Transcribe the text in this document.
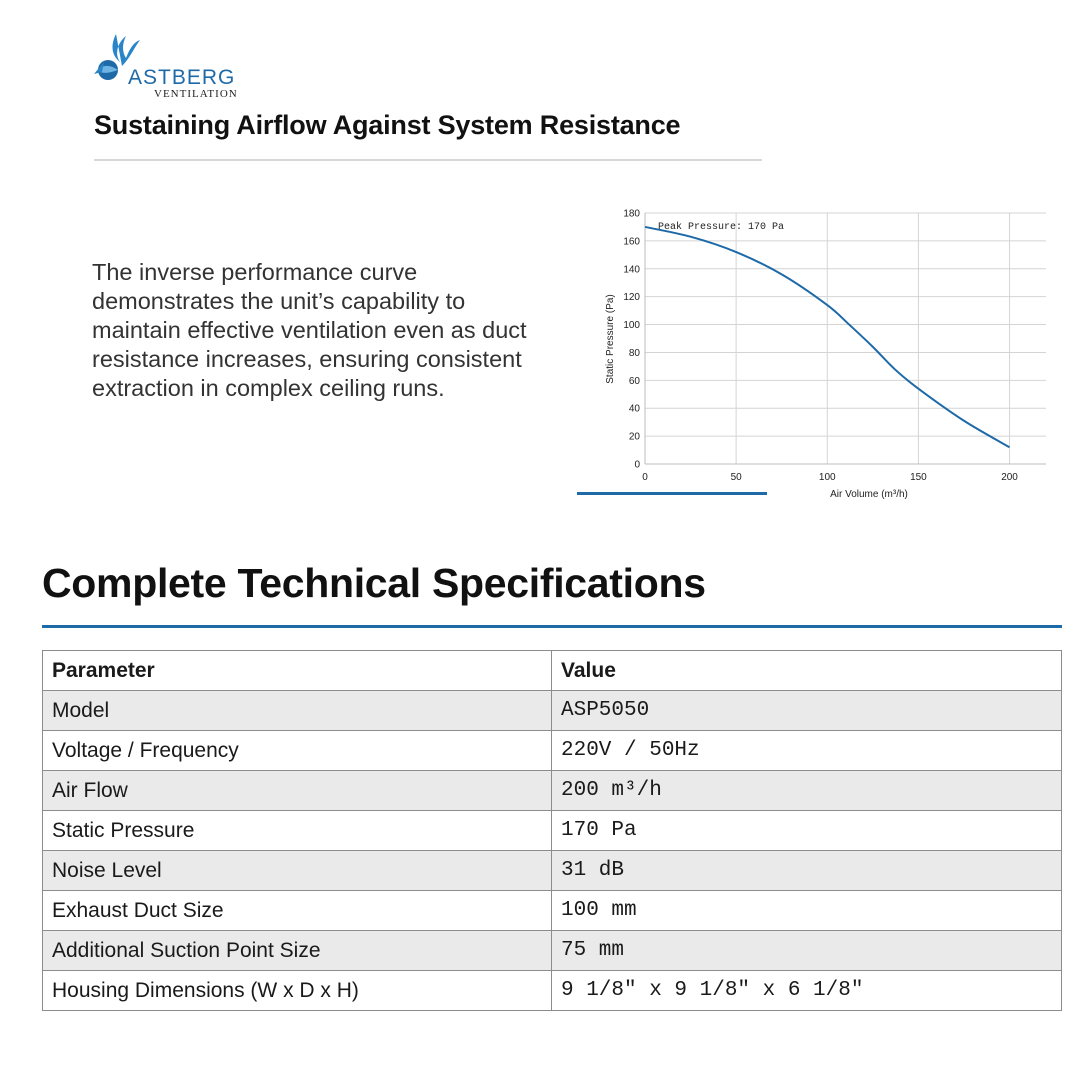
ASTBERG
VENTILATION
Sustaining Airflow Against System Resistance

The inverse performance curve demonstrates the unit’s capability to maintain effective ventilation even as duct resistance increases, ensuring consistent extraction in complex ceiling runs.

0
20
40
60
80
100
120
140
160
180
0	50	100	150	200
Air Volume (m³/h)
Static Pressure (Pa)
Peak Pressure: 170 Pa
Complete Technical Specifications
Parameter	Value
Model	ASP5050
Voltage / Frequency	220V / 50Hz
Air Flow	200 m³/h
Static Pressure	170 Pa
Noise Level	31 dB
Exhaust Duct Size	100 mm
Additional Suction Point Size	75 mm
Housing Dimensions (W x D x H)	9 1/8" x 9 1/8" x 6 1/8"
